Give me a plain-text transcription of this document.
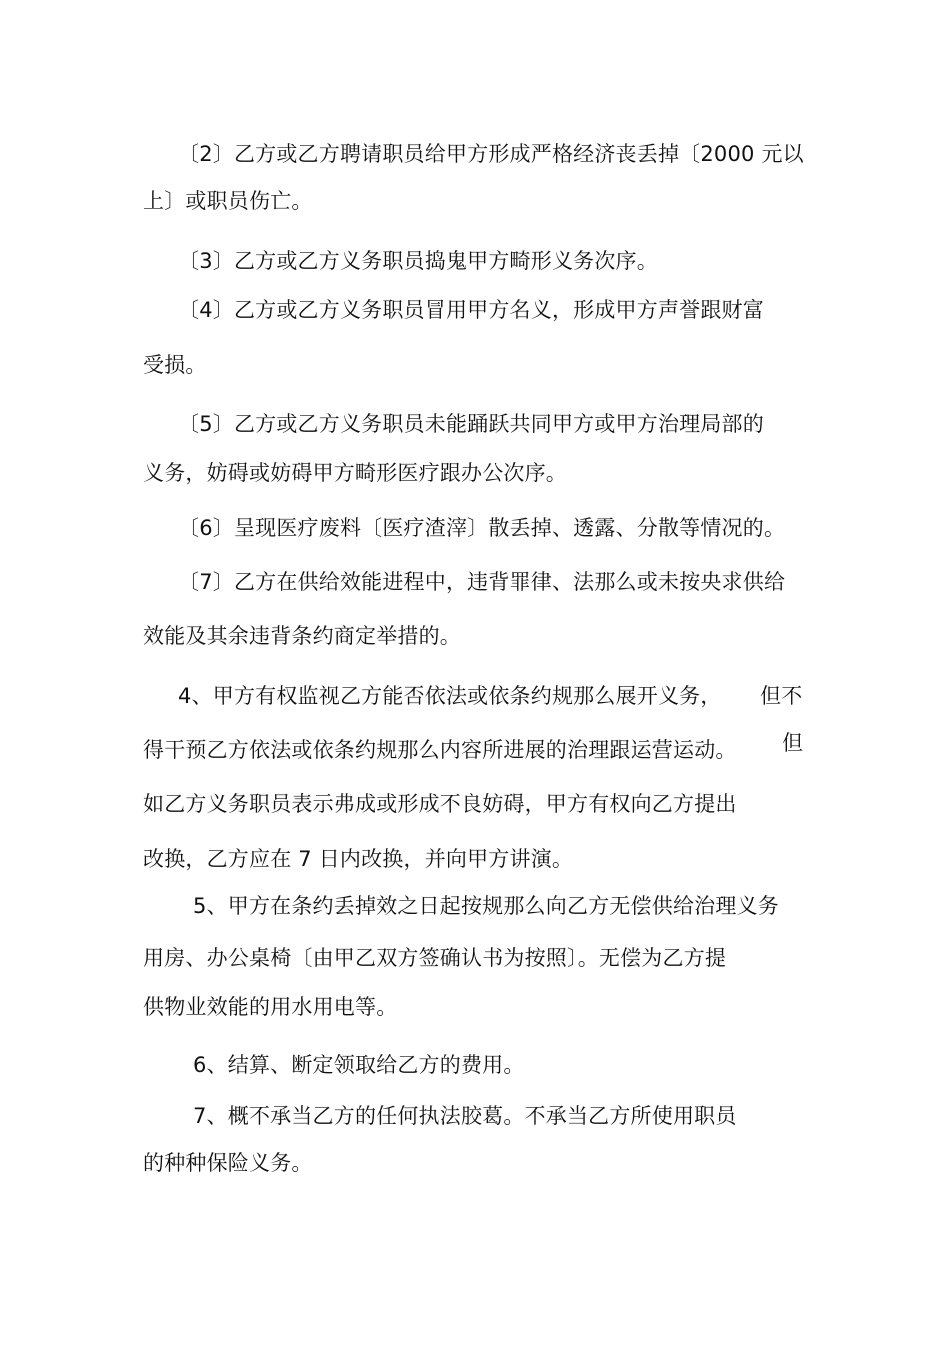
〔2〕乙方或乙方聘请职员给甲方形成严格经济丧丢掉〔2000 元以
上〕或职员伤亡。
〔3〕乙方或乙方义务职员捣鬼甲方畸形义务次序。
〔4〕乙方或乙方义务职员冒用甲方名义，形成甲方声誉跟财富
受损。
〔5〕乙方或乙方义务职员未能踊跃共同甲方或甲方治理局部的
义务，妨碍或妨碍甲方畸形医疗跟办公次序。
〔6〕呈现医疗废料〔医疗渣滓〕散丢掉、透露、分散等情况的。
〔7〕乙方在供给效能进程中，违背罪律、法那么或未按央求供给
效能及其余违背条约商定举措的。
4、甲方有权监视乙方能否依法或依条约规那么展开义务， 但不
得干预乙方依法或依条约规那么内容所进展的治理跟运营运动。 但
如乙方义务职员表示弗成或形成不良妨碍，甲方有权向乙方提出
改换，乙方应在 7 日内改换，并向甲方讲演。
5、甲方在条约丢掉效之日起按规那么向乙方无偿供给治理义务
用房、办公桌椅〔由甲乙双方签确认书为按照〕。无偿为乙方提
供物业效能的用水用电等。
6、结算、断定领取给乙方的费用。
7、概不承当乙方的任何执法胶葛。不承当乙方所使用职员
的种种保险义务。
